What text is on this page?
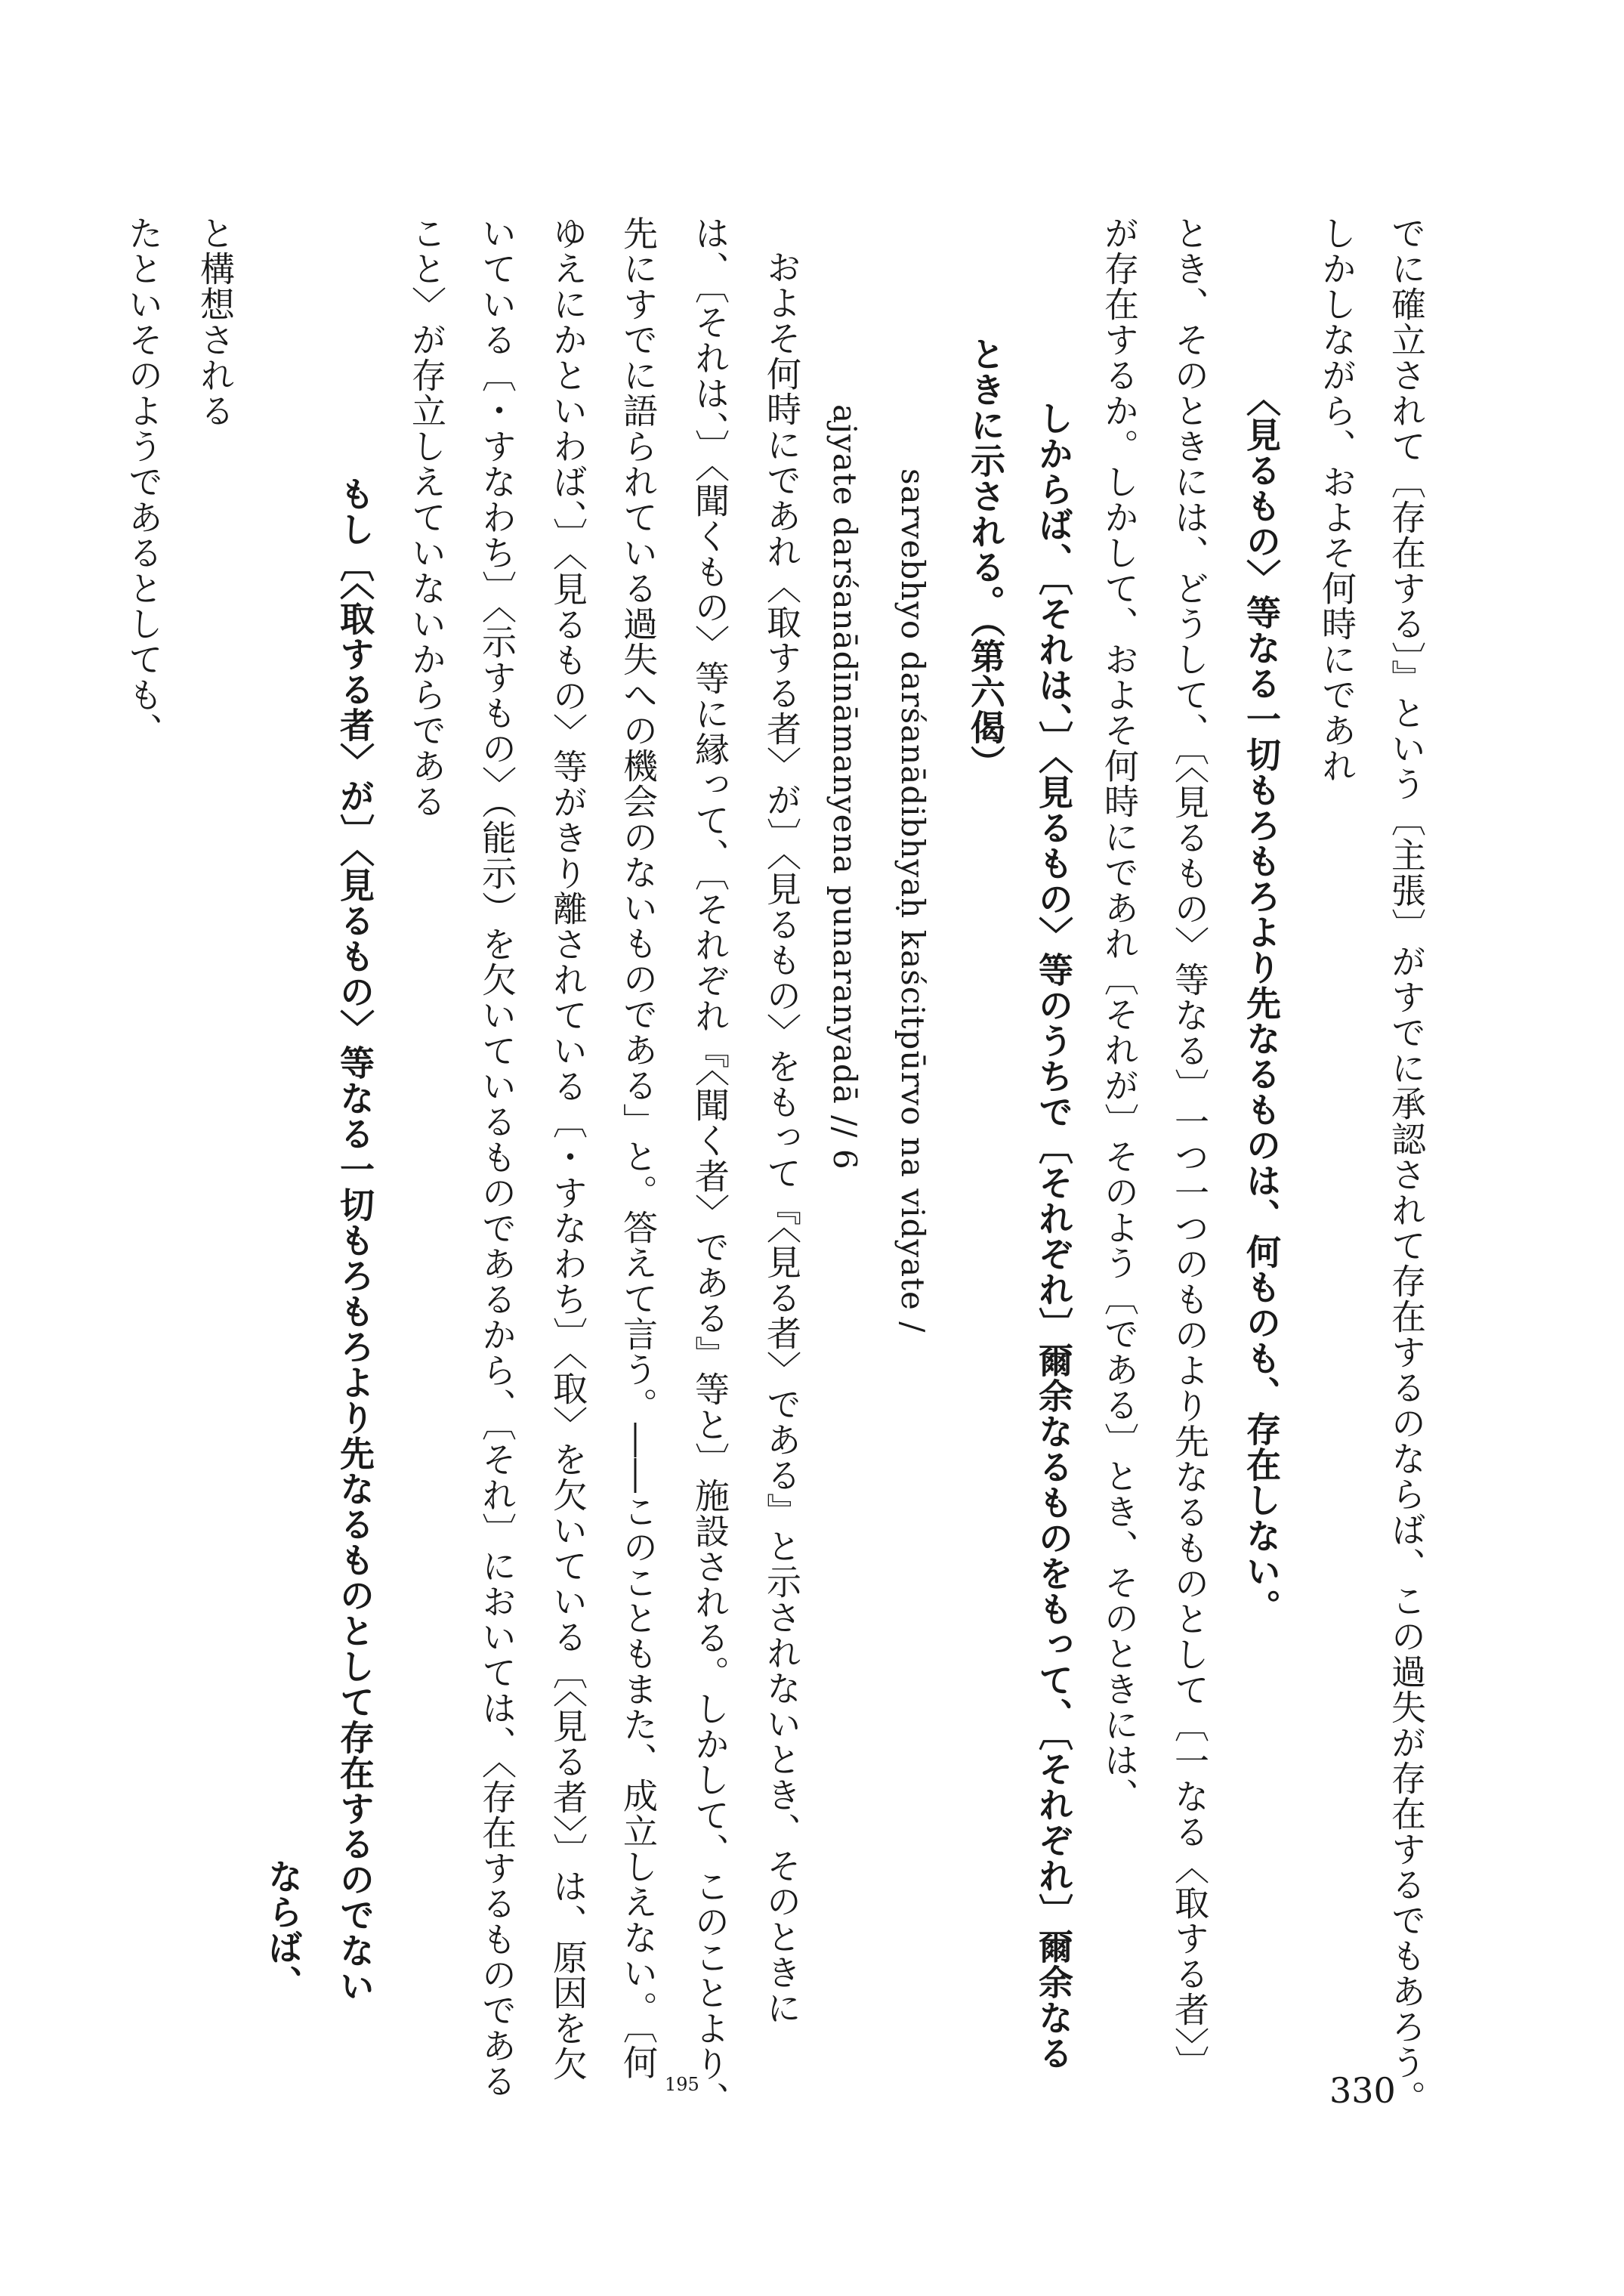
でに確立されて〔存在する〕』という〔主張〕がすでに承認されて存在するのならば、この過失が存在するでもあろう。
しかしながら、およそ何時にであれ
〈見るもの〉等なる一切もろもろより先なるものは、何ものも、存在しない。
とき、そのときには、どうして、〔〈見るもの〉等なる〕一つ一つのものより先なるものとして〔一なる〈取する者〉〕
が存在するか。しかして、およそ何時にであれ〔それが〕そのよう〔である〕とき、そのときには、
しからば、〔それは、〕〈見るもの〉等のうちで〔それぞれ〕爾余なるものをもって、〔それぞれ〕爾余なる
ときに示される。（第六偈）
sarvebhyo darśanādibhyaḥ kaścitpūrvo na vidyate /
ajyate darśanādīnāmanyena punaranyadā // 6
およそ何時にであれ〈取する者〉が〕〈見るもの〉をもって『〈見る者〉である』と示されないとき、そのときに
は、〔それは、〕〈聞くもの〉等に縁って、〔それぞれ『〈聞く者〉である』等と〕施設される。しかして、このことより、
先にすでに語られている過失への機会のないものである」と。答えて言う。――このこともまた、成立しえない。〔何
ゆえにかといわば、〕〈見るもの〉等がきり離されている〔・すなわち〕〈取〉を欠いている〔〈見る者〉〕は、原因を欠
いている〔・すなわち〕〈示すもの〉（能示）を欠いているものであるから、〔それ〕においては、〈存在するものである
こと〉が存立しえていないからである
もし〔〈取する者〉が〕〈見るもの〉等なる一切もろもろより先なるものとして存在するのでない
ならば、
と構想される
たといそのようであるとしても、
330
195
